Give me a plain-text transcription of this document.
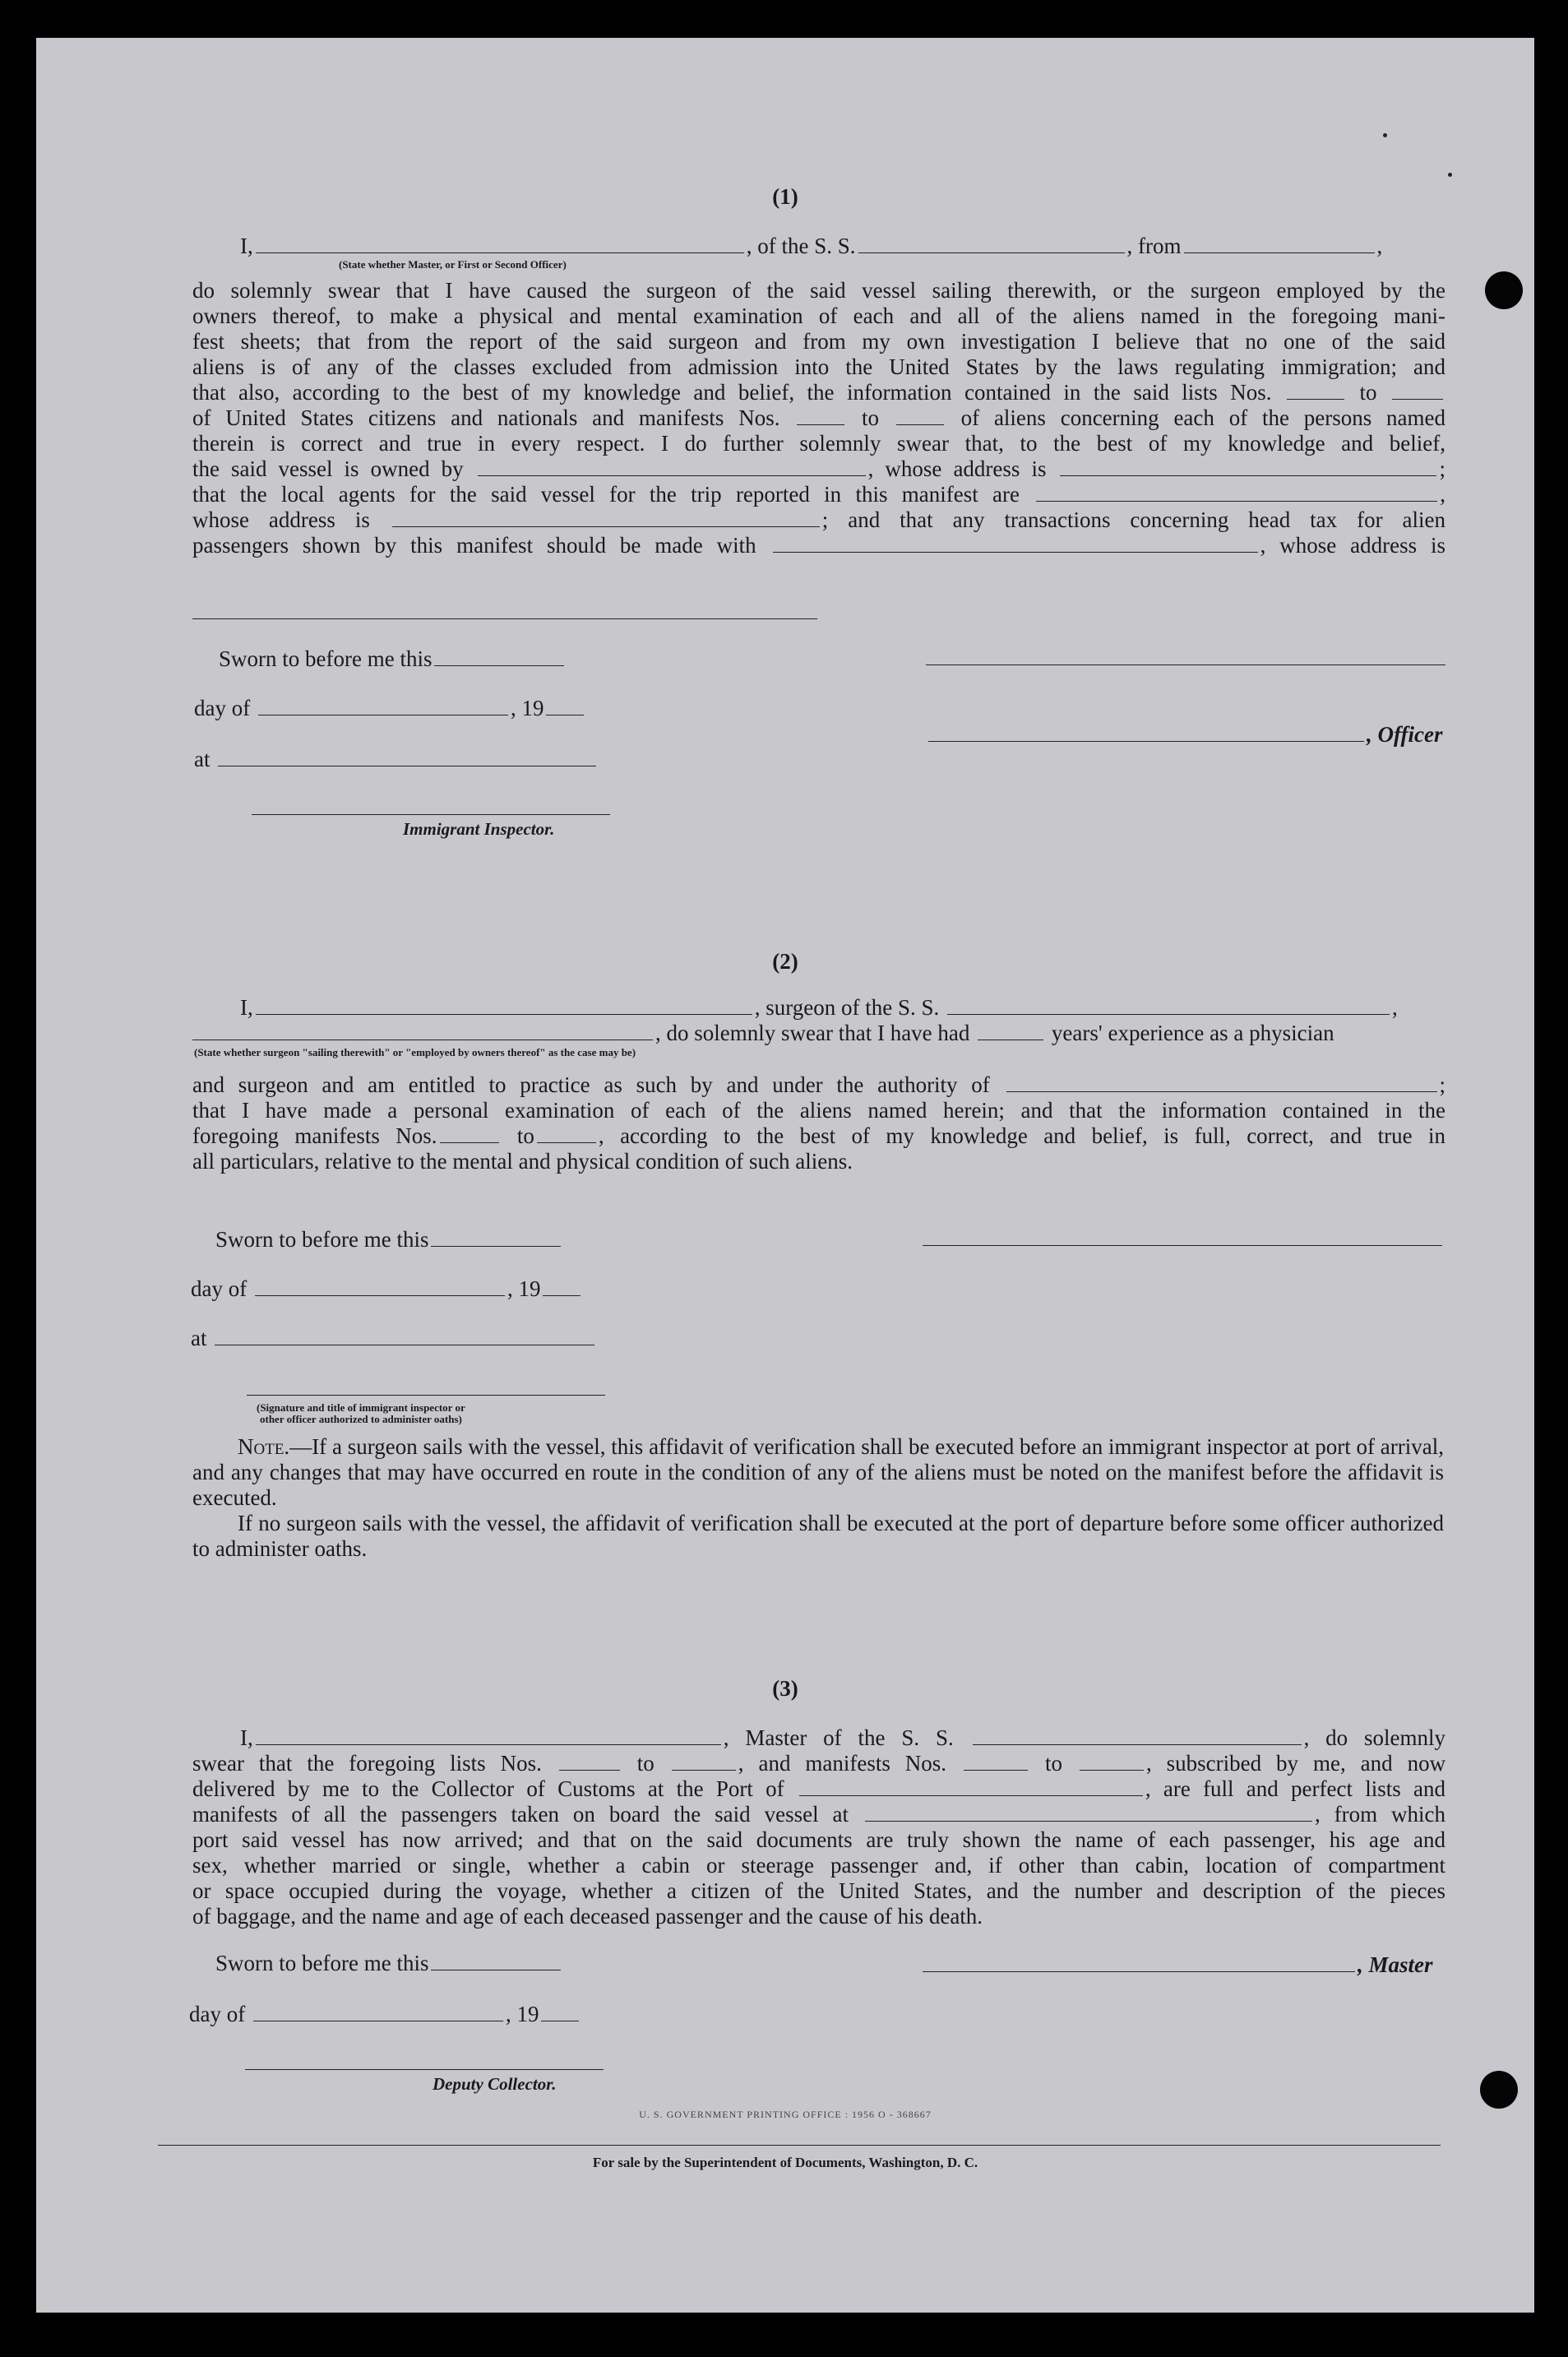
(1)
I,	, of the S. S.	, from	,
(State whether Master, or First or Second Officer)
do solemnly swear that I have caused the surgeon of the said vessel sailing therewith, or the surgeon employed by the
owners thereof, to make a physical and mental examination of each and all of the aliens named in the foregoing mani-
fest sheets; that from the report of the said surgeon and from my own investigation I believe that no one of the said
aliens is of any of the classes excluded from admission into the United States by the laws regulating immigration; and
that also, according to the best of my knowledge and belief, the information contained in the said lists Nos.	to
of United States citizens and nationals and manifests Nos.	to	of aliens concerning each of the persons named
therein is correct and true in every respect. I do further solemnly swear that, to the best of my knowledge and belief,
the said vessel is owned by	, whose address is	;
that the local agents for the said vessel for the trip reported in this manifest are	,
whose address is	; and that any transactions concerning head tax for alien
passengers shown by this manifest should be made with	, whose address is
Sworn to before me this
day of	, 19
at
Immigrant Inspector.
, Officer
(2)
I,	, surgeon of the S. S.	,
, do solemnly swear that I have had	years' experience as a physician
(State whether surgeon "sailing therewith" or "employed by owners thereof" as the case may be)
and surgeon and am entitled to practice as such by and under the authority of	;
that I have made a personal examination of each of the aliens named herein; and that the information contained in the
foregoing manifests Nos.	to	, according to the best of my knowledge and belief, is full, correct, and true in
all particulars, relative to the mental and physical condition of such aliens.
Sworn to before me this
day of	, 19
at
(Signature and title of immigrant inspector or
other officer authorized to administer oaths)

Note.—If a surgeon sails with the vessel, this affidavit of verification shall be executed before an immigrant inspector at port of arrival, and any changes that may have occurred en route in the condition of any of the aliens must be noted on the manifest before the affidavit is executed.

If no surgeon sails with the vessel, the affidavit of verification shall be executed at the port of departure before some officer authorized to administer oaths.

(3)
I,	, Master of the S. S.	, do solemnly
swear that the foregoing lists Nos.	to	, and manifests Nos.	to	, subscribed by me, and now
delivered by me to the Collector of Customs at the Port of	, are full and perfect lists and
manifests of all the passengers taken on board the said vessel at	, from which
port said vessel has now arrived; and that on the said documents are truly shown the name of each passenger, his age and
sex, whether married or single, whether a cabin or steerage passenger and, if other than cabin, location of compartment
or space occupied during the voyage, whether a citizen of the United States, and the number and description of the pieces
of baggage, and the name and age of each deceased passenger and the cause of his death.
Sworn to before me this
day of	, 19
Deputy Collector.
, Master
U. S. GOVERNMENT PRINTING OFFICE : 1956 O - 368667
For sale by the Superintendent of Documents, Washington, D. C.
